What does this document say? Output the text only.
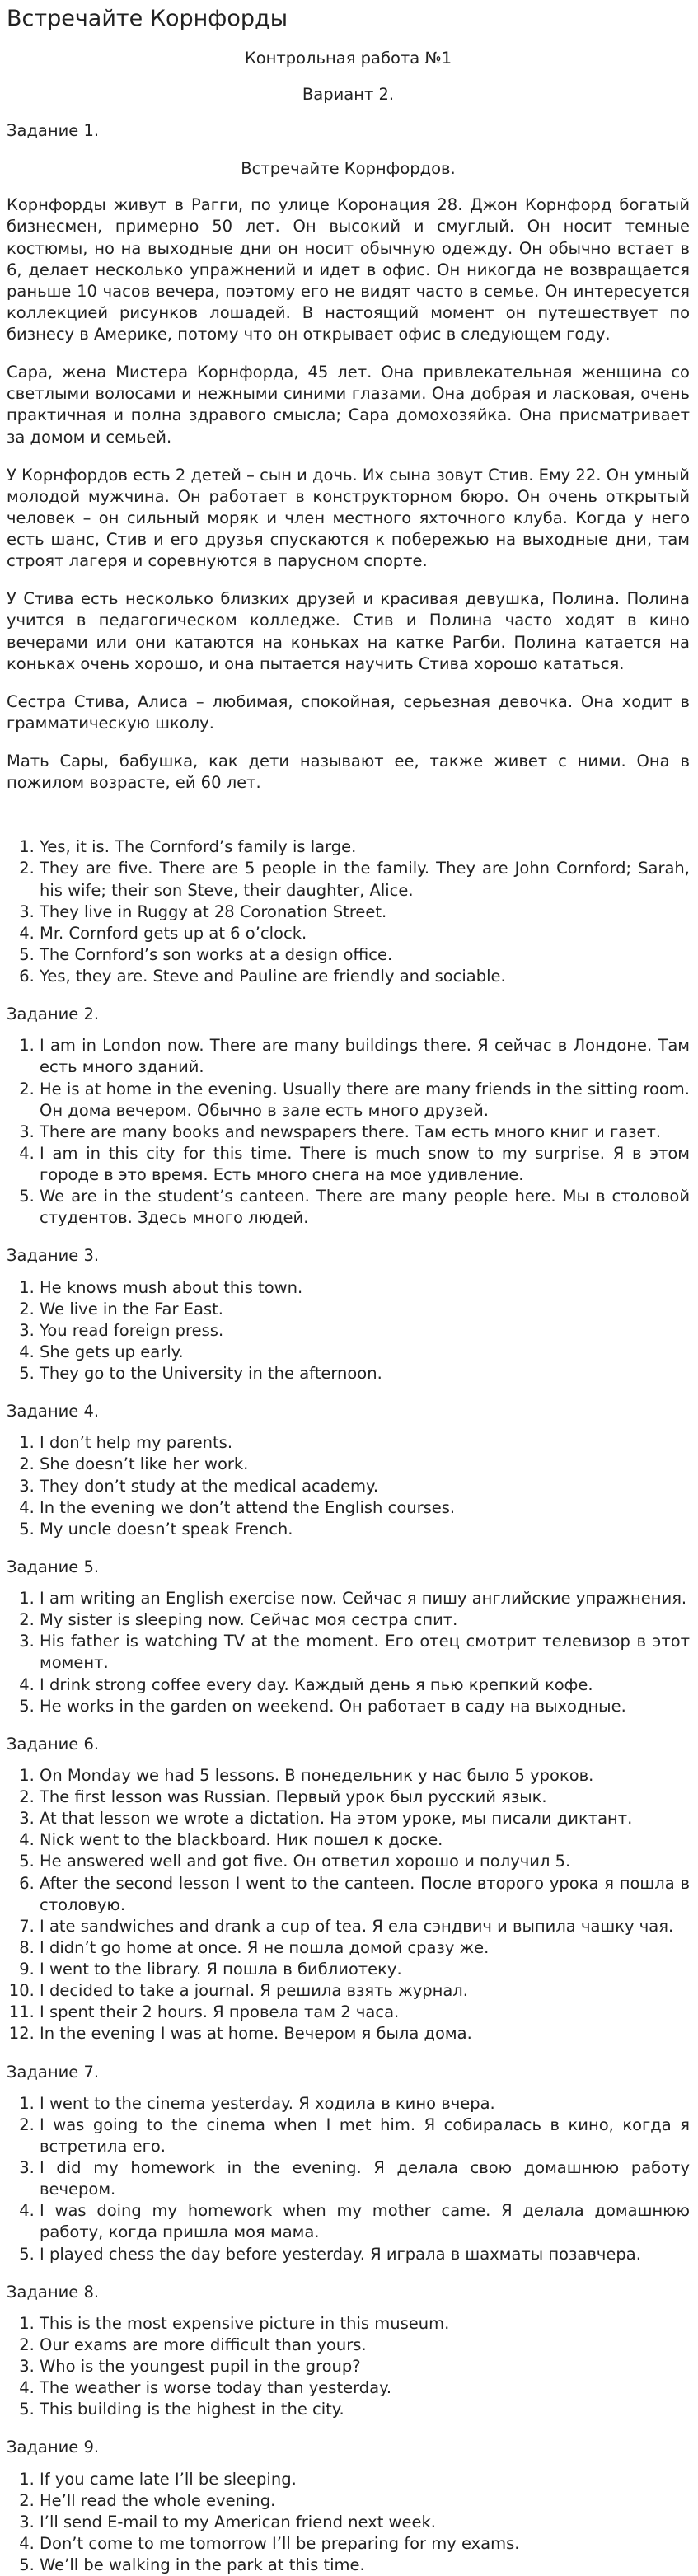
Встречайте Корнфорды
Контрольная работа №1
Вариант 2.
Задание 1.
Встречайте Корнфордов.

Корнфорды живут в Рагги, по улице Коронация 28. Джон Корнфорд богатый бизнесмен, примерно 50 лет. Он высокий и смуглый. Он носит темные костюмы, но на выходные дни он носит обычную одежду. Он обычно встает в 6, делает несколько упражнений и идет в офис. Он никогда не возвращается раньше 10 часов вечера, поэтому его не видят часто в семье. Он интересуется коллекцией рисунков лошадей. В настоящий момент он путешествует по бизнесу в Америке, потому что он открывает офис в следующем году.

Сара, жена Мистера Корнфорда, 45 лет. Она привлекательная женщина со светлыми волосами и нежными синими глазами. Она добрая и ласковая, очень практичная и полна здравого смысла; Сара домохозяйка. Она присматривает за домом и семьей.

У Корнфордов есть 2 детей – сын и дочь. Их сына зовут Стив. Ему 22. Он умный молодой мужчина. Он работает в конструкторном бюро. Он очень открытый человек – он сильный моряк и член местного яхточного клуба. Когда у него есть шанс, Стив и его друзья спускаются к побережью на выходные дни, там строят лагеря и соревнуются в парусном спорте.

У Стива есть несколько близких друзей и красивая девушка, Полина. Полина учится в педагогическом колледже. Стив и Полина часто ходят в кино вечерами или они катаются на коньках на катке Рагби. Полина катается на коньках очень хорошо, и она пытается научить Стива хорошо кататься.

Сестра Стива, Алиса – любимая, спокойная, серьезная девочка. Она ходит в грамматическую школу.

Мать Сары, бабушка, как дети называют ее, также живет с ними. Она в пожилом возрасте, ей 60 лет.

1. Yes, it is. The Cornford’s family is large.
2. They are five. There are 5 people in the family. They are John Cornford; Sarah, his wife; their son Steve, their daughter, Alice.
3. They live in Ruggy at 28 Coronation Street.
4. Mr. Cornford gets up at 6 o’clock.
5. The Cornford’s son works at a design office.
6. Yes, they are. Steve and Pauline are friendly and sociable.
Задание 2.
1. I am in London now. There are many buildings there. Я сейчас в Лондоне. Там есть много зданий.
2. He is at home in the evening. Usually there are many friends in the sitting room. Он дома вечером. Обычно в зале есть много друзей.
3. There are many books and newspapers there. Там есть много книг и газет.
4. I am in this city for this time. There is much snow to my surprise. Я в этом городе в это время. Есть много снега на мое удивление.
5. We are in the student’s canteen. There are many people here. Мы в столовой студентов. Здесь много людей.
Задание 3.
1. He knows mush about this town.
2. We live in the Far East.
3. You read foreign press.
4. She gets up early.
5. They go to the University in the afternoon.
Задание 4.
1. I don’t help my parents.
2. She doesn’t like her work.
3. They don’t study at the medical academy.
4. In the evening we don’t attend the English courses.
5. My uncle doesn’t speak French.
Задание 5.
1. I am writing an English exercise now. Сейчас я пишу английские упражнения.
2. My sister is sleeping now. Сейчас моя сестра спит.
3. His father is watching TV at the moment. Его отец смотрит телевизор в этот момент.
4. I drink strong coffee every day. Каждый день я пью крепкий кофе.
5. He works in the garden on weekend. Он работает в саду на выходные.
Задание 6.
1. On Monday we had 5 lessons. В понедельник у нас было 5 уроков.
2. The first lesson was Russian. Первый урок был русский язык.
3. At that lesson we wrote a dictation. На этом уроке, мы писали диктант.
4. Nick went to the blackboard. Ник пошел к доске.
5. He answered well and got five. Он ответил хорошо и получил 5.
6. After the second lesson I went to the canteen. После второго урока я пошла в столовую.
7. I ate sandwiches and drank a cup of tea. Я ела сэндвич и выпила чашку чая.
8. I didn’t go home at once. Я не пошла домой сразу же.
9. I went to the library. Я пошла в библиотеку.
10. I decided to take a journal. Я решила взять журнал.
11. I spent their 2 hours. Я провела там 2 часа.
12. In the evening I was at home. Вечером я была дома.
Задание 7.
1. I went to the cinema yesterday. Я ходила в кино вчера.
2. I was going to the cinema when I met him. Я собиралась в кино, когда я встретила его.
3. I did my homework in the evening. Я делала свою домашнюю работу вечером.
4. I was doing my homework when my mother came. Я делала домашнюю работу, когда пришла моя мама.
5. I played chess the day before yesterday. Я играла в шахматы позавчера.
Задание 8.
1. This is the most expensive picture in this museum.
2. Our exams are more difficult than yours.
3. Who is the youngest pupil in the group?
4. The weather is worse today than yesterday.
5. This building is the highest in the city.
Задание 9.
1. If you came late I’ll be sleeping.
2. He’ll read the whole evening.
3. I’ll send E-mail to my American friend next week.
4. Don’t come to me tomorrow I’ll be preparing for my exams.
5. We’ll be walking in the park at this time.
